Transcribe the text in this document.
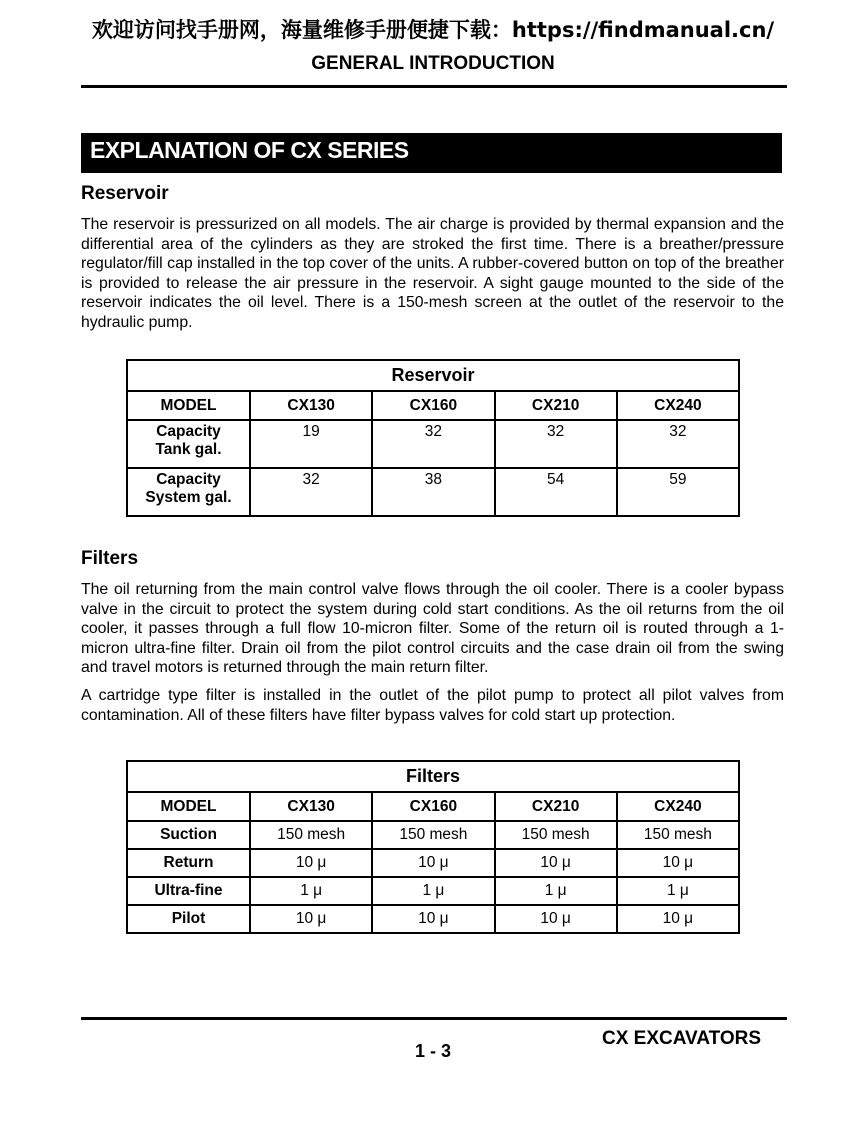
欢迎访问找手册网，海量维修手册便捷下载：https://findmanual.cn/
GENERAL INTRODUCTION
EXPLANATION OF CX SERIES
Reservoir

The reservoir is pressurized on all models. The air charge is provided by thermal expansion and the differential area of the cylinders as they are stroked the first time. There is a breather/pressure regulator/fill cap installed in the top cover of the units. A rubber-covered button on top of the breather is provided to release the air pressure in the reservoir. A sight gauge mounted to the side of the reservoir indicates the oil level. There is a 150-mesh screen at the outlet of the reservoir to the hydraulic pump.

Reservoir				
MODEL	CX130	CX160	CX210	CX240

Capacity
Tank gal.	19	32	32	32

Capacity
System gal.	32	38	54	59
Filters

The oil returning from the main control valve flows through the oil cooler. There is a cooler bypass valve in the circuit to protect the system during cold start conditions. As the oil returns from the oil cooler, it passes through a full flow 10-micron filter. Some of the return oil is routed through a 1-micron ultra-fine filter. Drain oil from the pilot control circuits and the case drain oil from the swing and travel motors is returned through the main return filter.

A cartridge type filter is installed in the outlet of the pilot pump to protect all pilot valves from contamination. All of these filters have filter bypass valves for cold start up protection.

Filters				
MODEL	CX130	CX160	CX210	CX240
Suction	150 mesh	150 mesh	150 mesh	150 mesh
Return	10 μ	10 μ	10 μ	10 μ
Ultra-fine	1 μ	1 μ	1 μ	1 μ
Pilot	10 μ	10 μ	10 μ	10 μ
1 - 3
CX EXCAVATORS
